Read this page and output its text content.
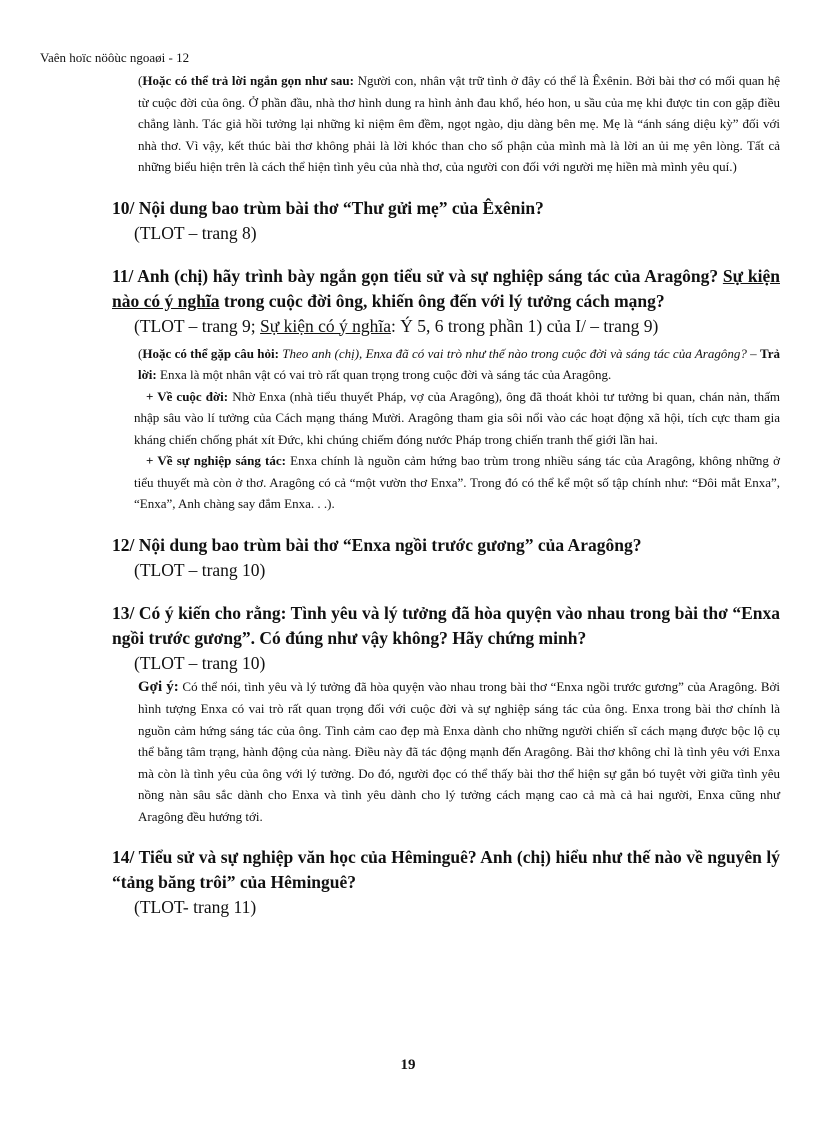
Vaên hoïc nöôùc ngoaøi - 12

(Hoặc có thể trả lời ngắn gọn như sau: Người con, nhân vật trữ tình ở đây có thể là Êxênin. Bởi bài thơ có mối quan hệ từ cuộc đời của ông. Ở phần đầu, nhà thơ hình dung ra hình ảnh đau khổ, héo hon, u sầu của mẹ khi được tin con gặp điều chẳng lành. Tác giả hồi tưởng lại những kỉ niệm êm đềm, ngọt ngào, dịu dàng bên mẹ. Mẹ là “ánh sáng diệu kỳ” đối với nhà thơ. Vì vậy, kết thúc bài thơ không phải là lời khóc than cho số phận của mình mà là lời an ủi mẹ yên lòng. Tất cả những biểu hiện trên là cách thể hiện tình yêu của nhà thơ, của người con đối với người mẹ hiền mà mình yêu quí.)

10/ Nội dung bao trùm bài thơ “Thư gửi mẹ” của Êxênin?

(TLOT – trang 8)

11/ Anh (chị) hãy trình bày ngắn gọn tiểu sử và sự nghiệp sáng tác của Aragông? Sự kiện nào có ý nghĩa trong cuộc đời ông, khiến ông đến với lý tưởng cách mạng?

(TLOT – trang 9; Sự kiện có ý nghĩa: Ý 5, 6 trong phần 1) của I/ – trang 9)

(Hoặc có thể gặp câu hỏi: Theo anh (chị), Enxa đã có vai trò như thế nào trong cuộc đời và sáng tác của Aragông? – Trả lời: Enxa là một nhân vật có vai trò rất quan trọng trong cuộc đời và sáng tác của Aragông.

+ Về cuộc đời: Nhờ Enxa (nhà tiểu thuyết Pháp, vợ của Aragông), ông đã thoát khỏi tư tưởng bi quan, chán nản, thấm nhập sâu vào lí tưởng của Cách mạng tháng Mười. Aragông tham gia sôi nổi vào các hoạt động xã hội, tích cực tham gia kháng chiến chống phát xít Đức, khi chúng chiếm đóng nước Pháp trong chiến tranh thế giới lần hai.

+ Về sự nghiệp sáng tác: Enxa chính là nguồn cảm hứng bao trùm trong nhiều sáng tác của Aragông, không những ở tiểu thuyết mà còn ở thơ. Aragông có cả “một vườn thơ Enxa”. Trong đó có thể kể một số tập chính như: “Đôi mắt Enxa”, “Enxa”, Anh chàng say đắm Enxa. . .).

12/ Nội dung bao trùm bài thơ “Enxa ngồi trước gương” của Aragông?

(TLOT – trang 10)

13/ Có ý kiến cho rằng: Tình yêu và lý tưởng đã hòa quyện vào nhau trong bài thơ “Enxa ngồi trước gương”. Có đúng như vậy không? Hãy chứng minh?

(TLOT – trang 10)

Gợi ý: Có thể nói, tình yêu và lý tưởng đã hòa quyện vào nhau trong bài thơ “Enxa ngồi trước gương” của Aragông. Bởi hình tượng Enxa có vai trò rất quan trọng đối với cuộc đời và sự nghiệp sáng tác của ông. Enxa trong bài thơ chính là nguồn cảm hứng sáng tác của ông. Tình cảm cao đẹp mà Enxa dành cho những người chiến sĩ cách mạng được bộc lộ cụ thể bằng tâm trạng, hành động của nàng. Điều này đã tác động mạnh đến Aragông. Bài thơ không chỉ là tình yêu với Enxa mà còn là tình yêu của ông với lý tưởng. Do đó, người đọc có thể thấy bài thơ thể hiện sự gắn bó tuyệt vời giữa tình yêu nồng nàn sâu sắc dành cho Enxa và tình yêu dành cho lý tưởng cách mạng cao cả mà cả hai người, Enxa cũng như Aragông đều hướng tới.

14/ Tiểu sử và sự nghiệp văn học của Hêminguê? Anh (chị) hiểu như thế nào về nguyên lý “tảng băng trôi” của Hêminguê?

(TLOT- trang 11)

19
